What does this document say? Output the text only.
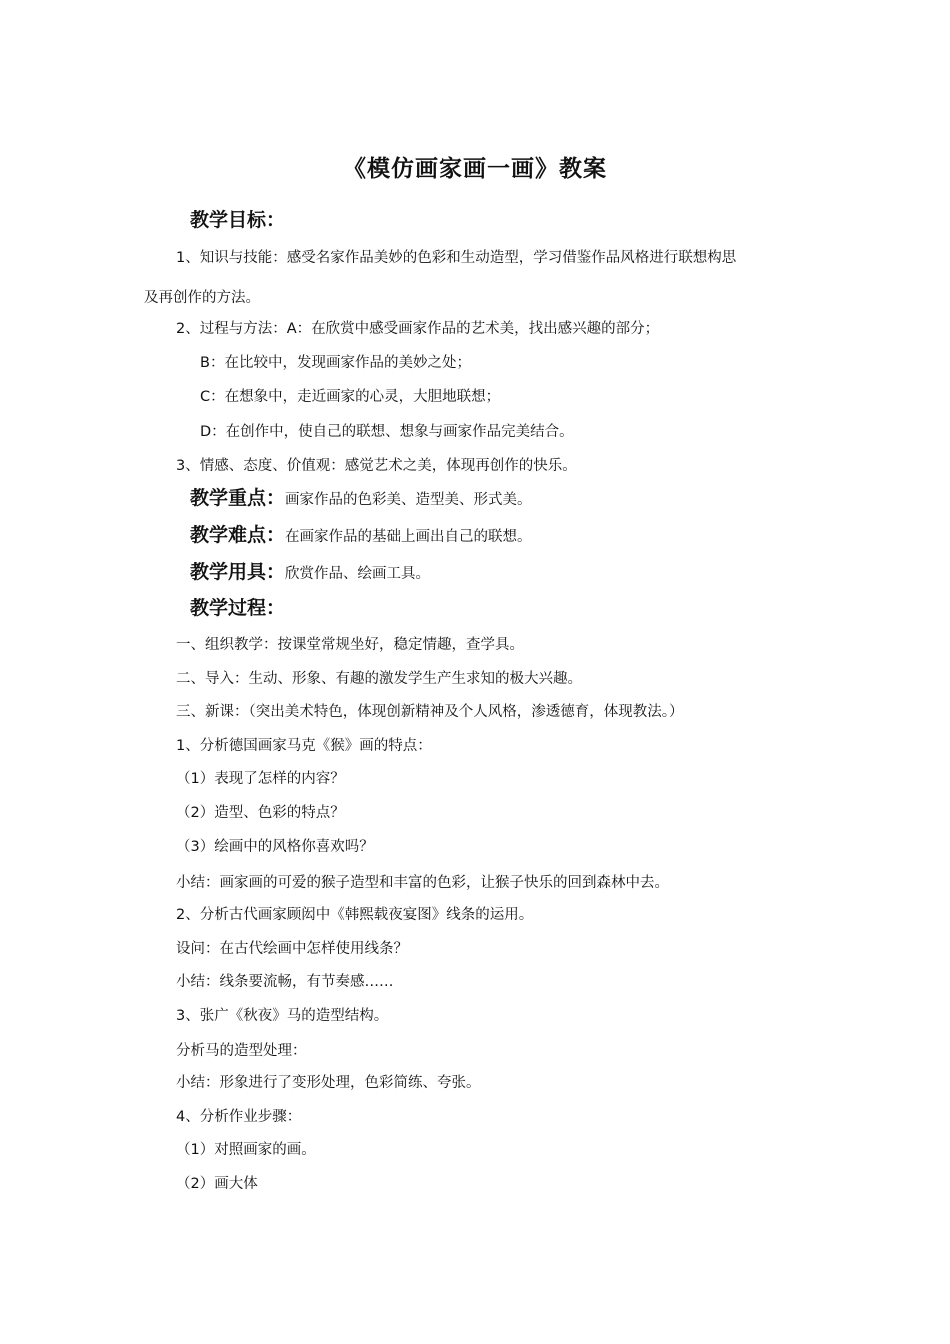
《模仿画家画一画》教案
教学目标：
1、知识与技能：感受名家作品美妙的色彩和生动造型，学习借鉴作品风格进行联想构思
及再创作的方法。
2、过程与方法：A：在欣赏中感受画家作品的艺术美，找出感兴趣的部分；
B：在比较中，发现画家作品的美妙之处；
C：在想象中，走近画家的心灵，大胆地联想；
D：在创作中，使自己的联想、想象与画家作品完美结合。
3、情感、态度、价值观：感觉艺术之美，体现再创作的快乐。
教学重点：画家作品的色彩美、造型美、形式美。
教学难点：在画家作品的基础上画出自己的联想。
教学用具：欣赏作品、绘画工具。
教学过程：
一、组织教学：按课堂常规坐好，稳定情趣，查学具。
二、导入：生动、形象、有趣的激发学生产生求知的极大兴趣。
三、新课：（突出美术特色，体现创新精神及个人风格，渗透德育，体现教法。）
1、分析德国画家马克《猴》画的特点：
（1）表现了怎样的内容？
（2）造型、色彩的特点？
（3）绘画中的风格你喜欢吗？
小结：画家画的可爱的猴子造型和丰富的色彩，让猴子快乐的回到森林中去。
2、分析古代画家顾闳中《韩熙载夜宴图》线条的运用。
设问：在古代绘画中怎样使用线条？
小结：线条要流畅，有节奏感……
3、张广《秋夜》马的造型结构。
分析马的造型处理：
小结：形象进行了变形处理，色彩简练、夸张。
4、分析作业步骤：
（1）对照画家的画。
（2）画大体
